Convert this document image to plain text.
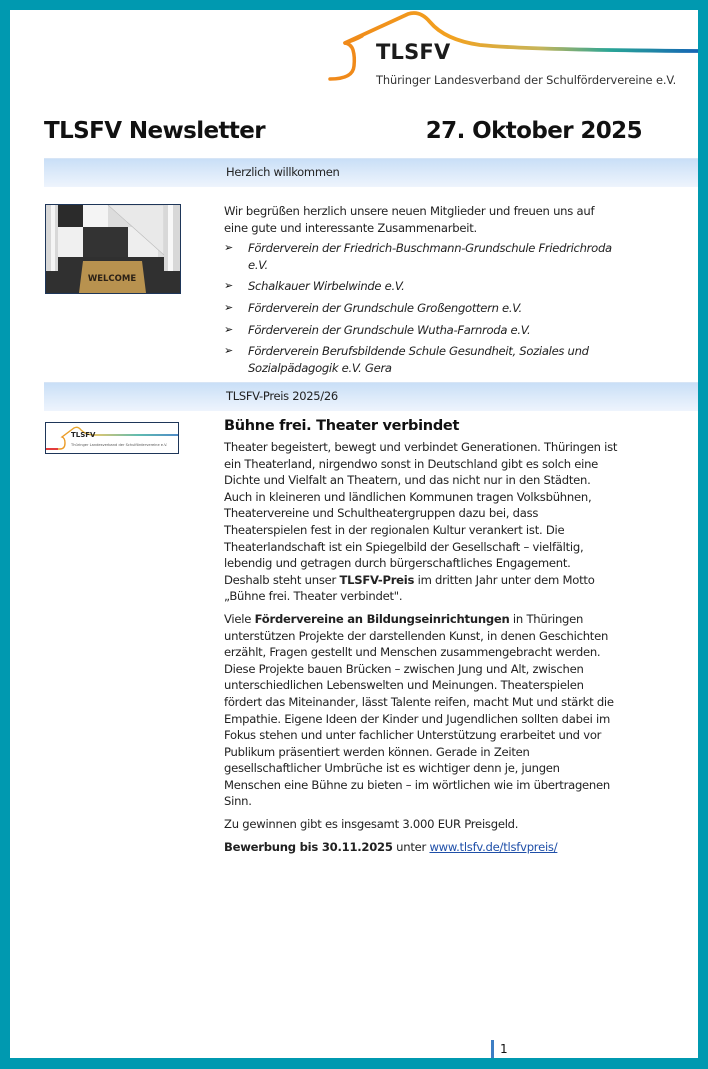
TLSFV
Thüringer Landesverband der Schulfördervereine e.V.
TLSFV Newsletter	27. Oktober 2025
Herzlich willkommen
WELCOME

Wir begrüßen herzlich unsere neuen Mitglieder und freuen uns auf eine gute und interessante Zusammenarbeit.

➢ Förderverein der Friedrich-Buschmann-Grundschule Friedrichroda e.V.
➢ Schalkauer Wirbelwinde e.V.
➢ Förderverein der Grundschule Großengottern e.V.
➢ Förderverein der Grundschule Wutha-Farnroda e.V.
➢ Förderverein Berufsbildende Schule Gesundheit, Soziales und Sozialpädagogik e.V. Gera
TLSFV-Preis 2025/26
TLSFV
Thüringer Landesverband der Schulfördervereine e.V.
Bühne frei. Theater verbindet

Theater begeistert, bewegt und verbindet Generationen. Thüringen ist ein Theaterland, nirgendwo sonst in Deutschland gibt es solch eine Dichte und Vielfalt an Theatern, und das nicht nur in den Städten. Auch in kleineren und ländlichen Kommunen tragen Volksbühnen, Theatervereine und Schultheatergruppen dazu bei, dass Theaterspielen fest in der regionalen Kultur verankert ist. Die Theaterlandschaft ist ein Spiegelbild der Gesellschaft – vielfältig, lebendig und getragen durch bürgerschaftliches Engagement. Deshalb steht unser TLSFV-Preis im dritten Jahr unter dem Motto „Bühne frei. Theater verbindet".

Viele Fördervereine an Bildungseinrichtungen in Thüringen unterstützen Projekte der darstellenden Kunst, in denen Geschichten erzählt, Fragen gestellt und Menschen zusammengebracht werden. Diese Projekte bauen Brücken – zwischen Jung und Alt, zwischen unterschiedlichen Lebenswelten und Meinungen. Theaterspielen fördert das Miteinander, lässt Talente reifen, macht Mut und stärkt die Empathie. Eigene Ideen der Kinder und Jugendlichen sollten dabei im Fokus stehen und unter fachlicher Unterstützung erarbeitet und vor Publikum präsentiert werden können. Gerade in Zeiten gesellschaftlicher Umbrüche ist es wichtiger denn je, jungen Menschen eine Bühne zu bieten – im wörtlichen wie im übertragenen Sinn.

Zu gewinnen gibt es insgesamt 3.000 EUR Preisgeld.

Bewerbung bis 30.11.2025 unter www.tlsfv.de/tlsfvpreis/

1
